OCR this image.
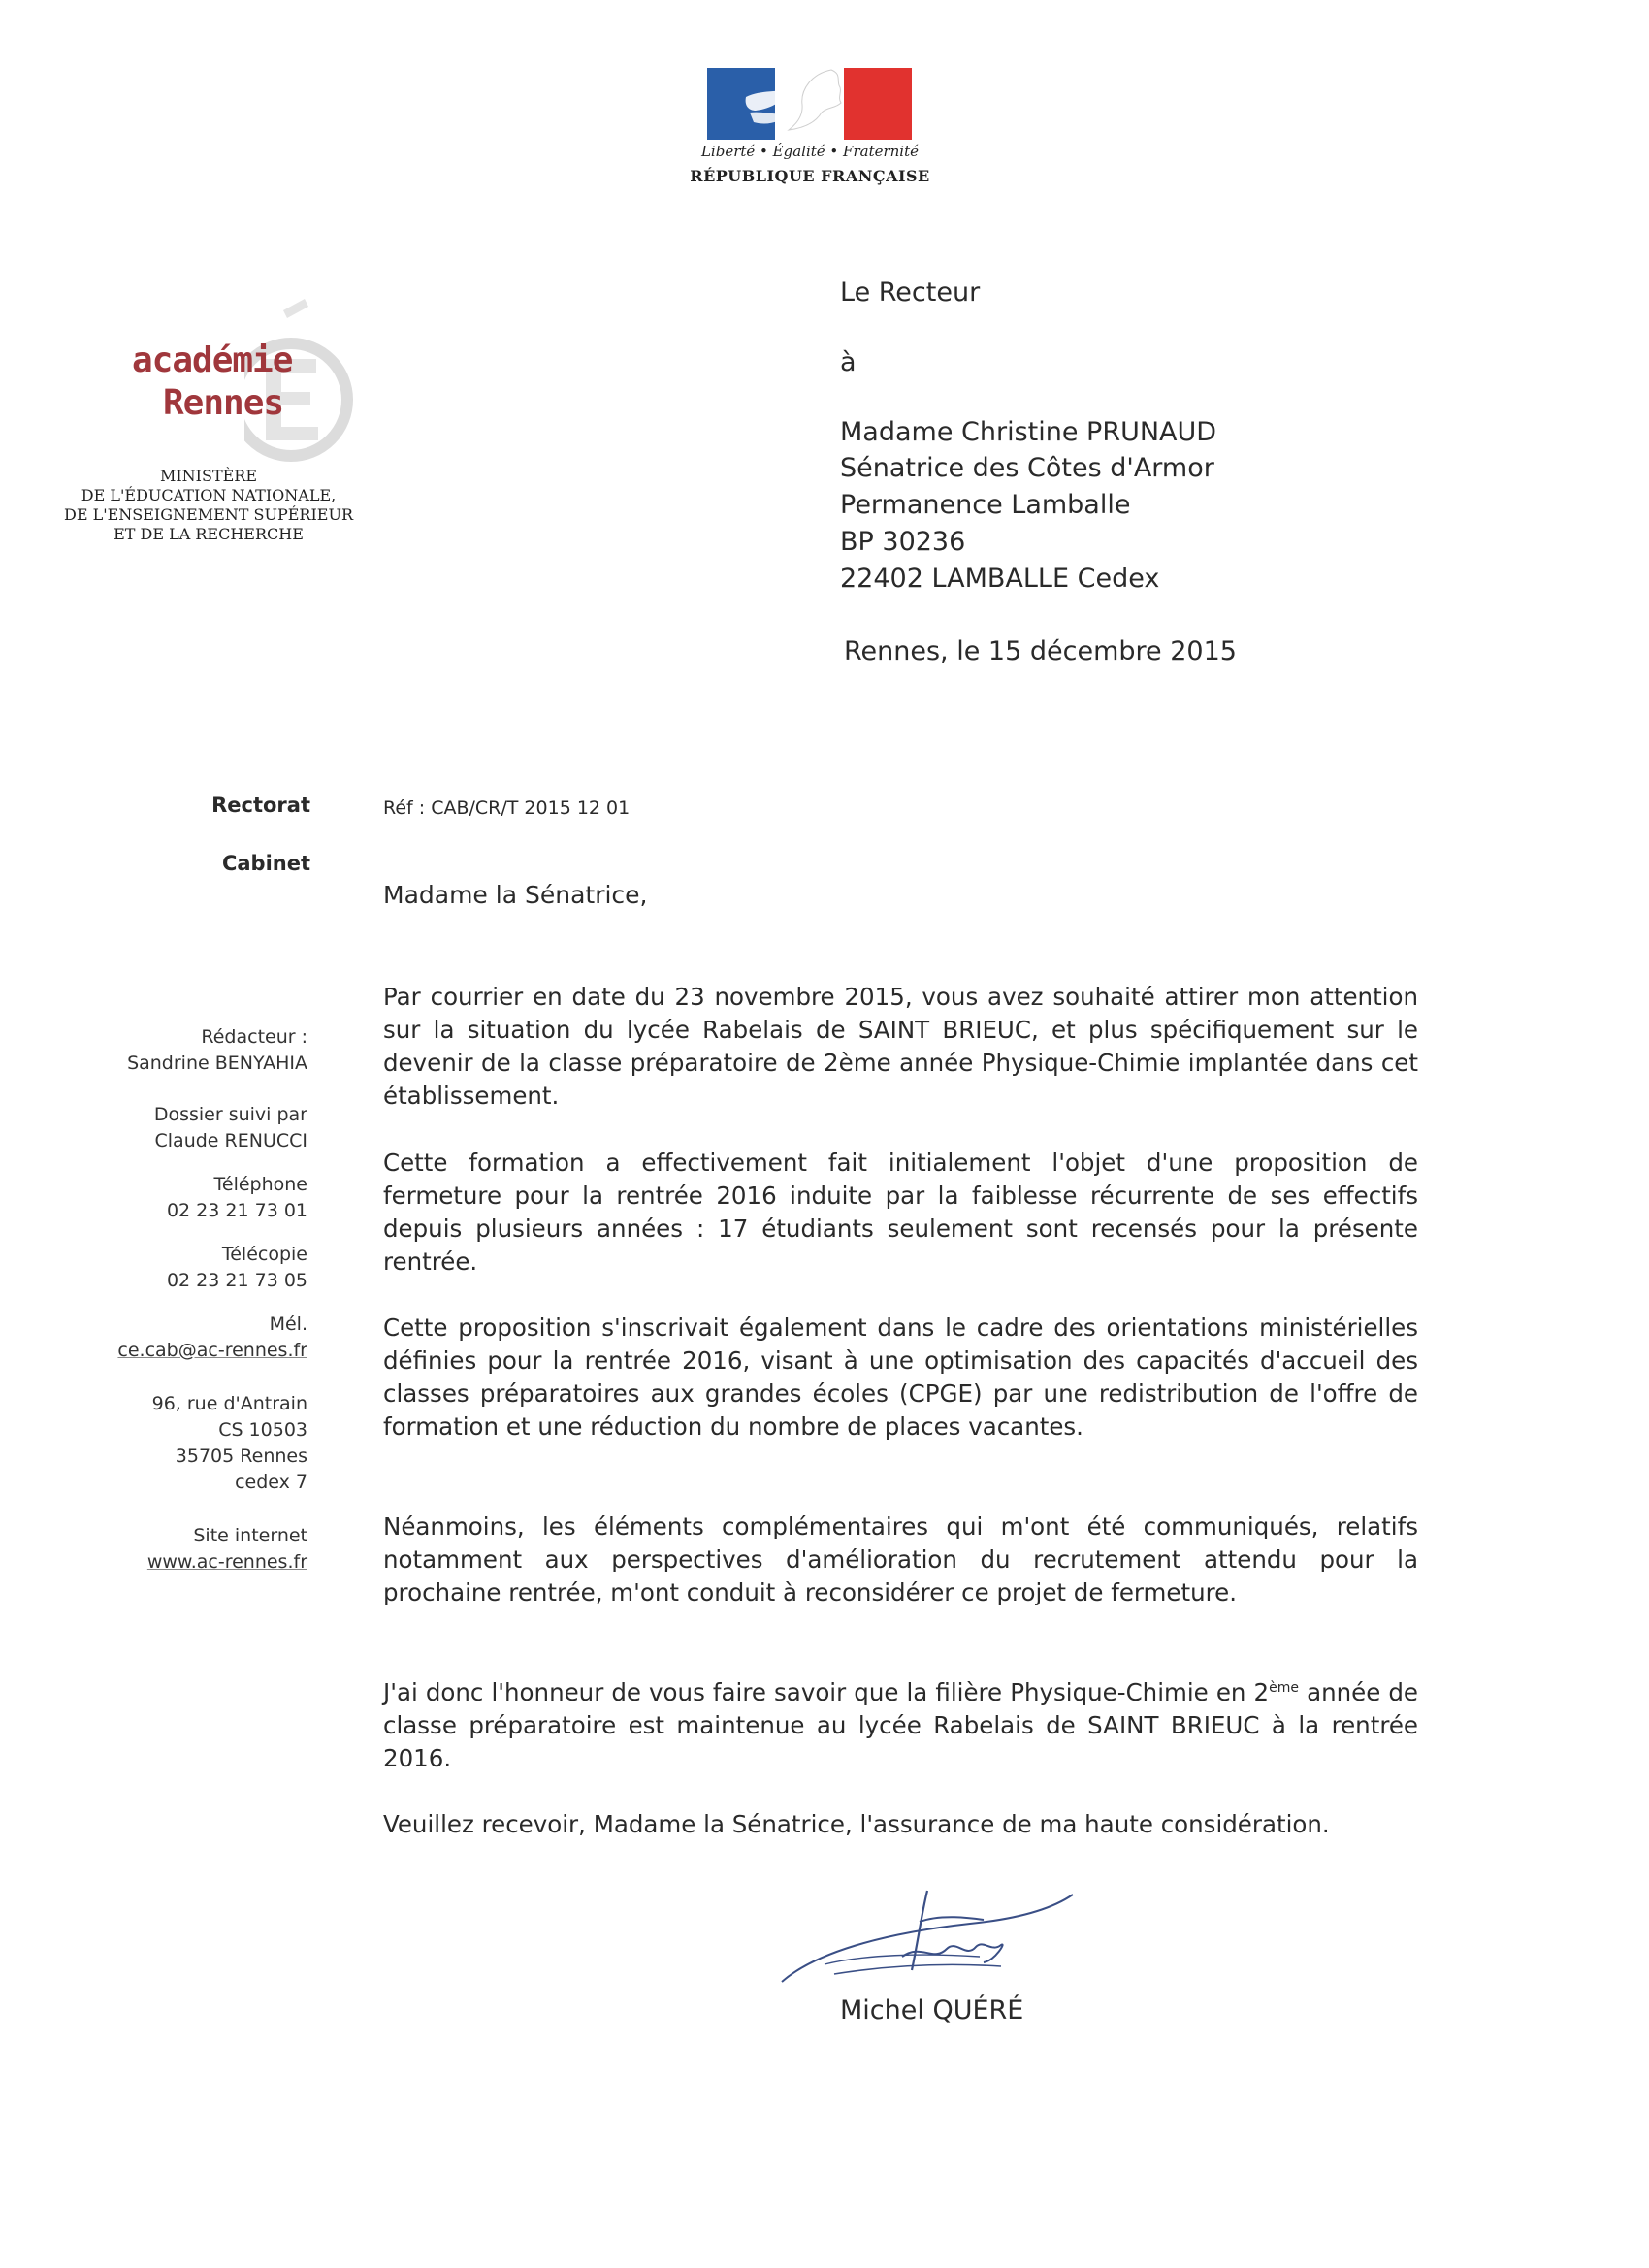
Liberté • Égalité • Fraternité
RÉPUBLIQUE FRANÇAISE
académie
Rennes
MINISTÈRE
DE L'ÉDUCATION NATIONALE,
DE L'ENSEIGNEMENT SUPÉRIEUR
ET DE LA RECHERCHE
Le Recteur
à
Madame Christine PRUNAUD
Sénatrice des Côtes d'Armor
Permanence Lamballe
BP 30236
22402 LAMBALLE Cedex
Rennes, le 15 décembre 2015
Rectorat
Cabinet
Rédacteur :
Sandrine BENYAHIA
Dossier suivi par
Claude RENUCCI
Téléphone
02 23 21 73 01
Télécopie
02 23 21 73 05
Mél.
ce.cab@ac-rennes.fr
96, rue d'Antrain
CS 10503
35705 Rennes
cedex 7
Site internet
www.ac-rennes.fr
Réf : CAB/CR/T 2015 12 01
Madame la Sénatrice,
Par courrier en date du 23 novembre 2015, vous avez souhaité attirer mon attention sur la situation du lycée Rabelais de SAINT BRIEUC, et plus spécifiquement sur le devenir de la classe préparatoire de 2ème année Physique-Chimie implantée dans cet établissement.
Cette formation a effectivement fait initialement l'objet d'une proposition de fermeture pour la rentrée 2016 induite par la faiblesse récurrente de ses effectifs depuis plusieurs années : 17 étudiants seulement sont recensés pour la présente rentrée.
Cette proposition s'inscrivait également dans le cadre des orientations ministérielles définies pour la rentrée 2016, visant à une optimisation des capacités d'accueil des classes préparatoires aux grandes écoles (CPGE) par une redistribution de l'offre de formation et une réduction du nombre de places vacantes.
Néanmoins, les éléments complémentaires qui m'ont été communiqués, relatifs notamment aux perspectives d'amélioration du recrutement attendu pour la prochaine rentrée, m'ont conduit à reconsidérer ce projet de fermeture.
J'ai donc l'honneur de vous faire savoir que la filière Physique-Chimie en 2ème année de classe préparatoire est maintenue au lycée Rabelais de SAINT BRIEUC à la rentrée 2016.
Veuillez recevoir, Madame la Sénatrice, l'assurance de ma haute considération.
Michel QUÉRÉ
